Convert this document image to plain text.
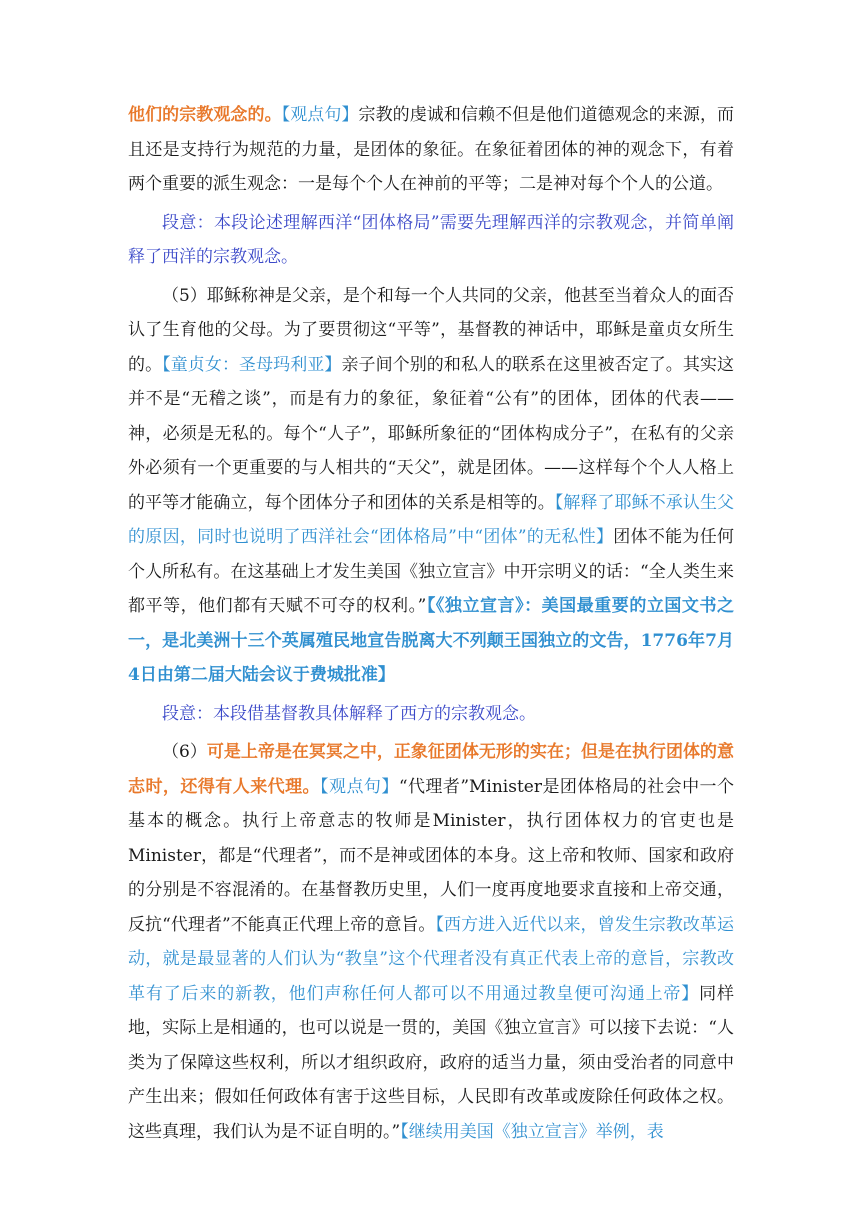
他们的宗教观念的。【观点句】宗教的虔诚和信赖不但是他们道德观念的来源，而且还是支持行为规范的力量，是团体的象征。在象征着团体的神的观念下，有着两个重要的派生观念：一是每个个人在神前的平等；二是神对每个个人的公道。

段意：本段论述理解西洋“团体格局”需要先理解西洋的宗教观念，并简单阐释了西洋的宗教观念。

（5）耶稣称神是父亲，是个和每一个人共同的父亲，他甚至当着众人的面否认了生育他的父母。为了要贯彻这“平等”，基督教的神话中，耶稣是童贞女所生的。【童贞女：圣母玛利亚】亲子间个别的和私人的联系在这里被否定了。其实这并不是“无稽之谈”，而是有力的象征，象征着“公有”的团体，团体的代表——神，必须是无私的。每个“人子”，耶稣所象征的“团体构成分子”，在私有的父亲外必须有一个更重要的与人相共的“天父”，就是团体。——这样每个个人人格上的平等才能确立，每个团体分子和团体的关系是相等的。【解释了耶稣不承认生父的原因，同时也说明了西洋社会“团体格局”中“团体”的无私性】团体不能为任何个人所私有。在这基础上才发生美国《独立宣言》中开宗明义的话：“全人类生来都平等，他们都有天赋不可夺的权利。”【《独立宣言》：美国最重要的立国文书之一，是北美洲十三个英属殖民地宣告脱离大不列颠王国独立的文告，1776年7月4日由第二届大陆会议于费城批准】

段意：本段借基督教具体解释了西方的宗教观念。

（6）可是上帝是在冥冥之中，正象征团体无形的实在；但是在执行团体的意志时，还得有人来代理。【观点句】“代理者”Minister是团体格局的社会中一个基本的概念。执行上帝意志的牧师是Minister，执行团体权力的官吏也是Minister，都是“代理者”，而不是神或团体的本身。这上帝和牧师、国家和政府的分别是不容混淆的。在基督教历史里，人们一度再度地要求直接和上帝交通，反抗“代理者”不能真正代理上帝的意旨。【西方进入近代以来，曾发生宗教改革运动，就是最显著的人们认为“教皇”这个代理者没有真正代表上帝的意旨，宗教改革有了后来的新教，他们声称任何人都可以不用通过教皇便可沟通上帝】同样地，实际上是相通的，也可以说是一贯的，美国《独立宣言》可以接下去说：“人类为了保障这些权利，所以才组织政府，政府的适当力量，须由受治者的同意中产生出来；假如任何政体有害于这些目标，人民即有改革或废除任何政体之权。这些真理，我们认为是不证自明的。”【继续用美国《独立宣言》举例，表
